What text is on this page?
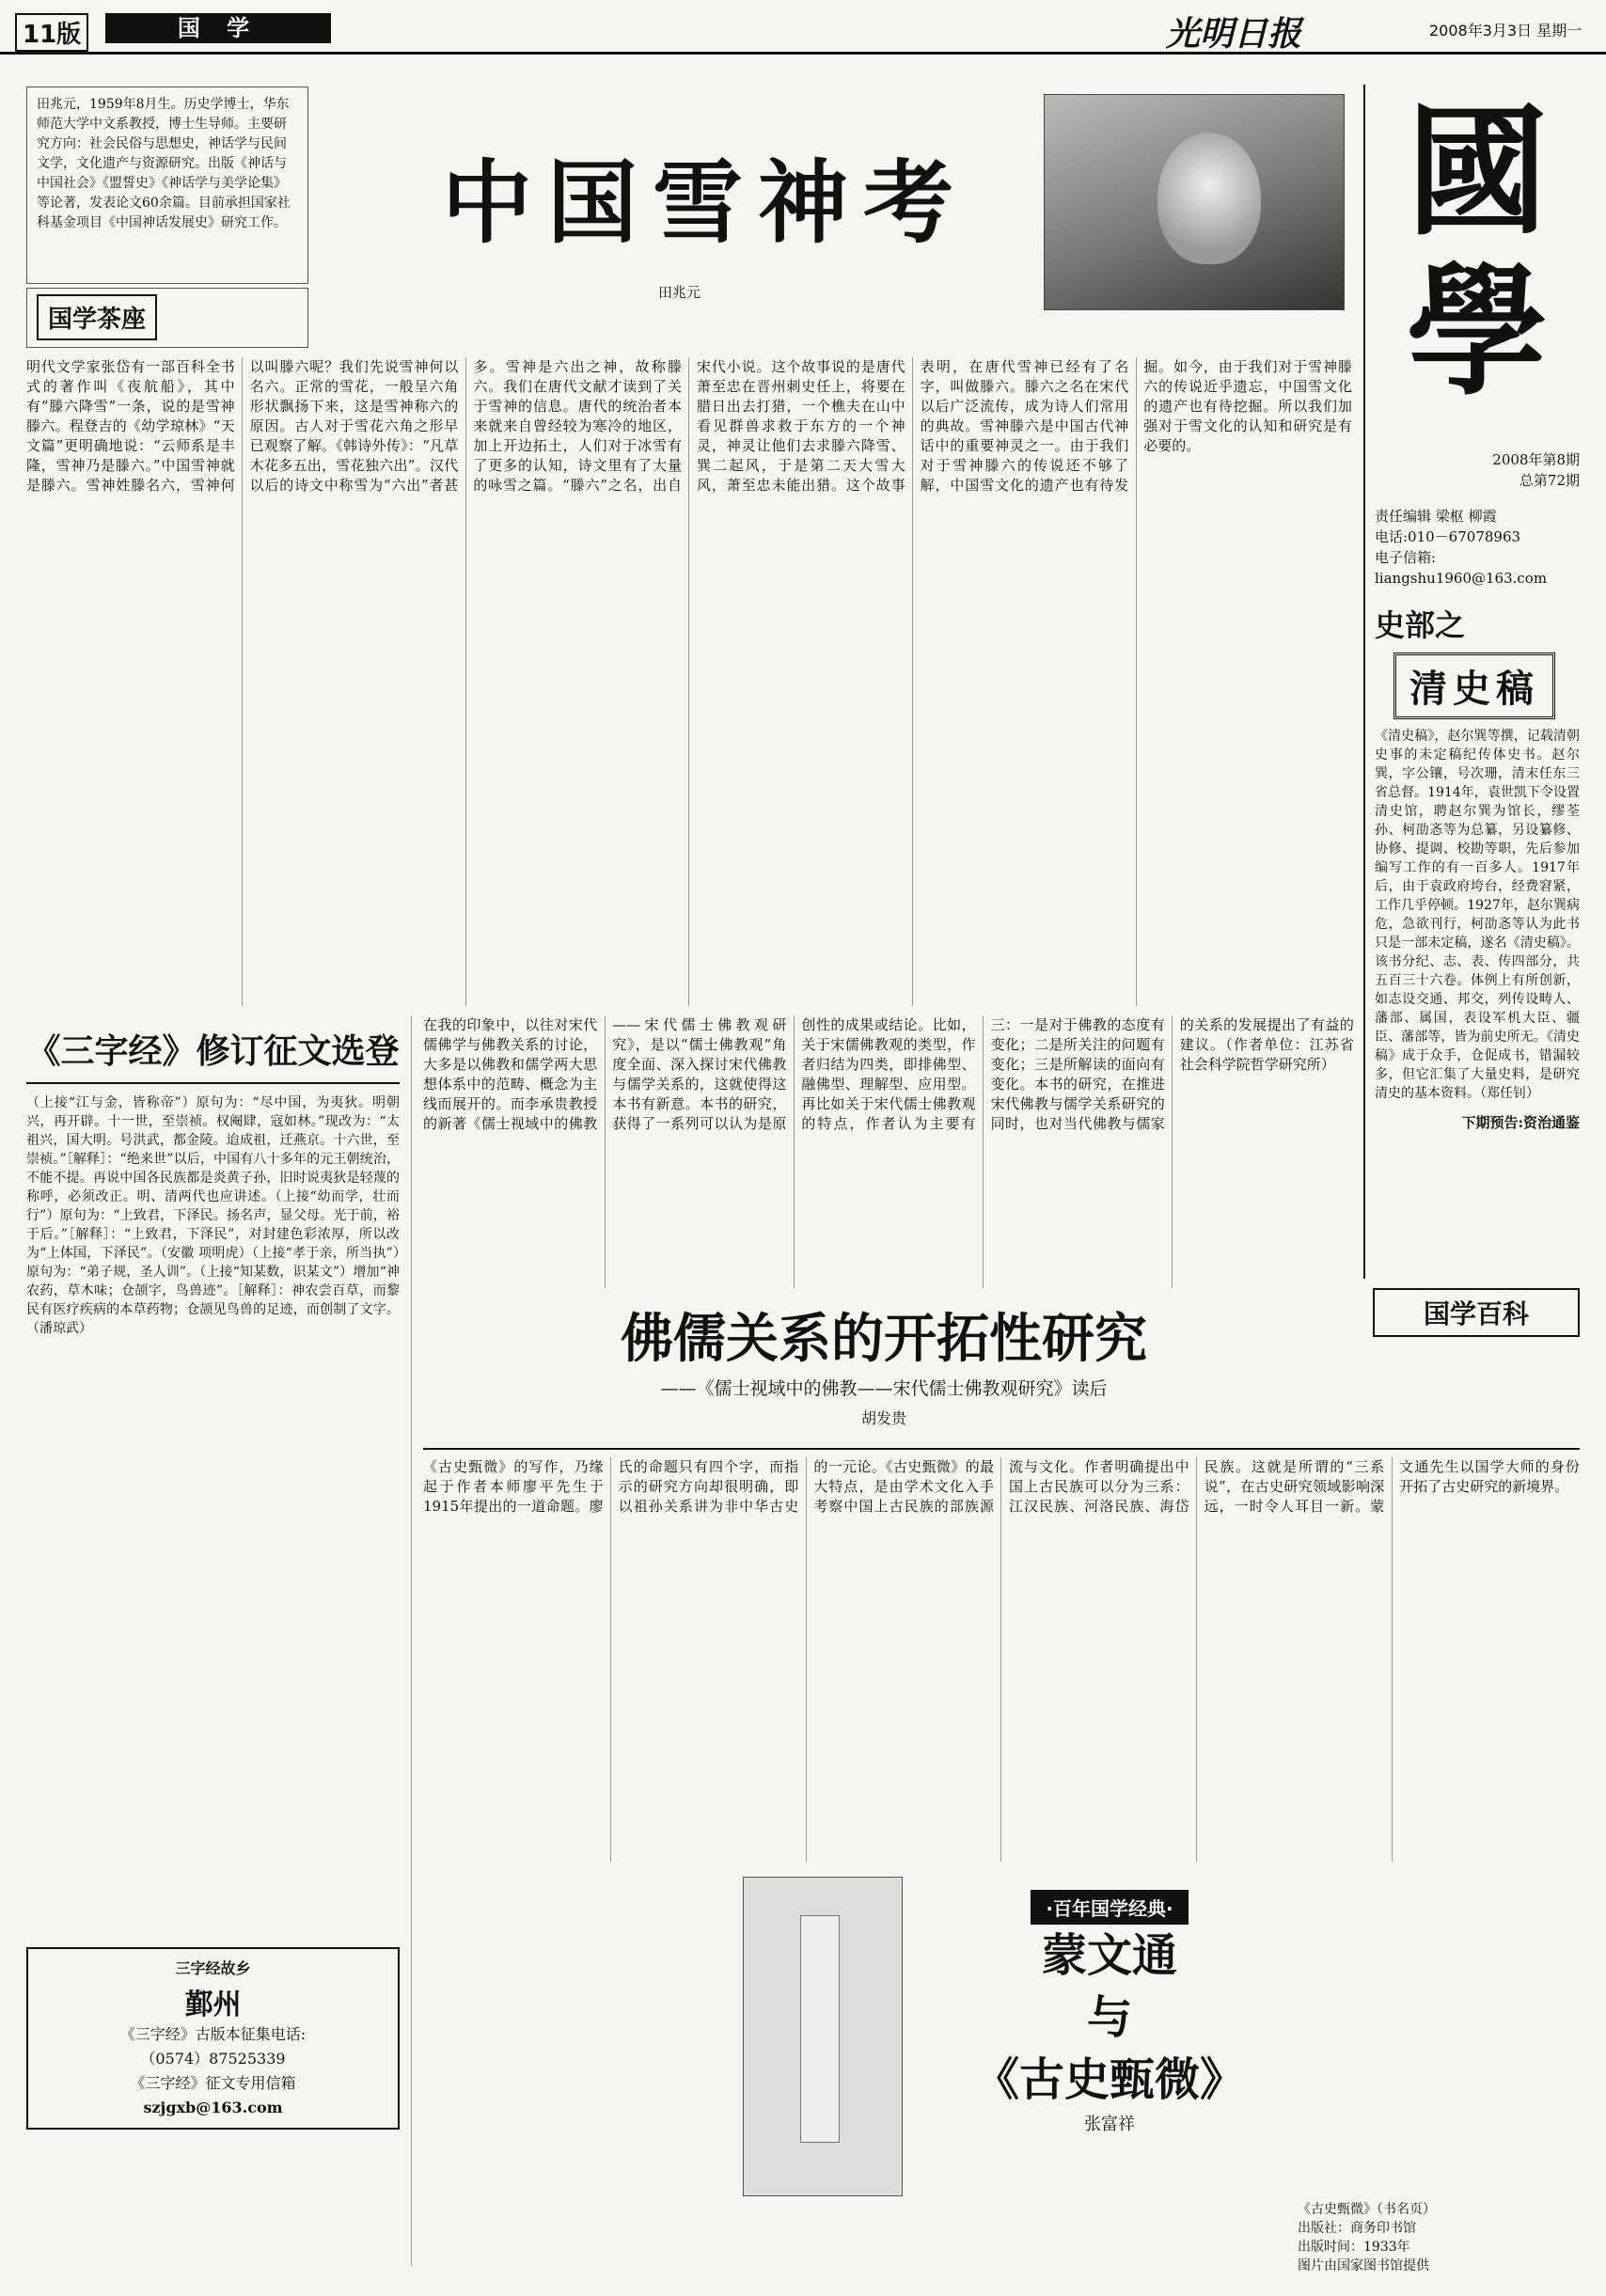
11版	国 学	光明日报	2008年3月3日 星期一
田兆元，1959年8月生。历史学博士，华东师范大学中文系教授，博士生导师。主要研究方向：社会民俗与思想史，神话学与民间文学，文化遗产与资源研究。出版《神话与中国社会》《盟誓史》《神话学与美学论集》等论著，发表论文60余篇。目前承担国家社科基金项目《中国神话发展史》研究工作。
国学茶座
中国雪神考
田兆元
明代文学家张岱有一部百科全书式的著作叫《夜航船》，其中有“滕六降雪”一条，说的是雪神滕六。程登吉的《幼学琼林》“天文篇”更明确地说：“云师系是丰隆，雪神乃是滕六。”中国雪神就是滕六。雪神姓滕名六，雪神何以叫滕六呢？我们先说雪神何以名六。正常的雪花，一般呈六角形状飘扬下来，这是雪神称六的原因。古人对于雪花六角之形早已观察了解。《韩诗外传》：“凡草木花多五出，雪花独六出”。汉代以后的诗文中称雪为“六出”者甚多。雪神是六出之神，故称滕六。我们在唐代文献才读到了关于雪神的信息。唐代的统治者本来就来自曾经较为寒冷的地区，加上开边拓土，人们对于冰雪有了更多的认知，诗文里有了大量的咏雪之篇。“滕六”之名，出自宋代小说。这个故事说的是唐代萧至忠在晋州刺史任上，将要在腊日出去打猎，一个樵夫在山中看见群兽求救于东方的一个神灵，神灵让他们去求滕六降雪、巽二起风，于是第二天大雪大风，萧至忠未能出猎。这个故事表明，在唐代雪神已经有了名字，叫做滕六。滕六之名在宋代以后广泛流传，成为诗人们常用的典故。雪神滕六是中国古代神话中的重要神灵之一。由于我们对于雪神滕六的传说还不够了解，中国雪文化的遗产也有待发掘。如今，由于我们对于雪神滕六的传说近乎遗忘，中国雪文化的遗产也有待挖掘。所以我们加强对于雪文化的认知和研究是有必要的。
國學
2008年第8期
总第72期
责任编辑 梁枢 柳霞
电话:010－67078963
电子信箱:
liangshu1960@163.com
史部之
清史稿
《清史稿》，赵尔巽等撰，记载清朝史事的未定稿纪传体史书。赵尔巽，字公镶，号次珊，清末任东三省总督。1914年，袁世凯下令设置清史馆，聘赵尔巽为馆长，缪荃孙、柯劭忞等为总纂，另设纂修、协修、提调、校勘等职，先后参加编写工作的有一百多人。1917年后，由于袁政府垮台，经费窘紧，工作几乎停顿。1927年，赵尔巽病危，急欲刊行，柯劭忞等认为此书只是一部未定稿，遂名《清史稿》。该书分纪、志、表、传四部分，共五百三十六卷。体例上有所创新，如志设交通、邦交，列传设畴人、藩部、属国，表设军机大臣、疆臣、藩部等，皆为前史所无。《清史稿》成于众手，仓促成书，错漏较多，但它汇集了大量史料，是研究清史的基本资料。（郑任钊）
下期预告:资治通鉴
《三字经》修订征文选登
（上接“江与金，皆称帝”）原句为：“尽中国，为夷狄。明朝兴，再开辟。十一世，至崇祯。权阉肆，寇如林。”现改为：“太祖兴，国大明。号洪武，都金陵。迨成祖，迁燕京。十六世，至崇祯。”［解释］：“绝来世”以后，中国有八十多年的元王朝统治，不能不提。再说中国各民族都是炎黄子孙，旧时说夷狄是轻蔑的称呼，必须改正。明、清两代也应讲述。（上接“幼而学，壮而行”）原句为：“上致君，下泽民。扬名声，显父母。光于前，裕于后。”［解释］：“上致君，下泽民”，对封建色彩浓厚，所以改为“上体国，下泽民”。（安徽 项明虎）（上接“孝于亲，所当执”）原句为：“弟子规，圣人训”。（上接“知某数，识某文”）增加“神农药，草木味；仓颉字，鸟兽迹”。［解释］：神农尝百草，而黎民有医疗疾病的本草药物；仓颉见鸟兽的足迹，而创制了文字。（潘琼武）
三字经故乡
鄞州
《三字经》古版本征集电话:
（0574）87525339
《三字经》征文专用信箱
szjgxb@163.com
在我的印象中，以往对宋代儒佛学与佛教关系的讨论，大多是以佛教和儒学两大思想体系中的范畴、概念为主线而展开的。而李承贵教授的新著《儒士视域中的佛教——宋代儒士佛教观研究》，是以“儒士佛教观”角度全面、深入探讨宋代佛教与儒学关系的，这就使得这本书有新意。本书的研究，获得了一系列可以认为是原创性的成果或结论。比如，关于宋儒佛教观的类型，作者归结为四类，即排佛型、融佛型、理解型、应用型。再比如关于宋代儒士佛教观的特点，作者认为主要有三：一是对于佛教的态度有变化；二是所关注的问题有变化；三是所解读的面向有变化。本书的研究，在推进宋代佛教与儒学关系研究的同时，也对当代佛教与儒家的关系的发展提出了有益的建议。（作者单位：江苏省社会科学院哲学研究所）
佛儒关系的开拓性研究
——《儒士视域中的佛教——宋代儒士佛教观研究》读后
胡发贵
国学百科
《古史甄微》的写作，乃缘起于作者本师廖平先生于1915年提出的一道命题。廖氏的命题只有四个字，而指示的研究方向却很明确，即以祖孙关系讲为非中华古史的一元论。《古史甄微》的最大特点，是由学术文化入手考察中国上古民族的部族源流与文化。作者明确提出中国上古民族可以分为三系：江汉民族、河洛民族、海岱民族。这就是所谓的“三系说”，在古史研究领域影响深远，一时令人耳目一新。蒙文通先生以国学大师的身份开拓了古史研究的新境界。
·百年国学经典·
蒙文通
与
《古史甄微》
张富祥
《古史甄微》（书名页）
出版社：商务印书馆
出版时间：1933年
图片由国家图书馆提供
